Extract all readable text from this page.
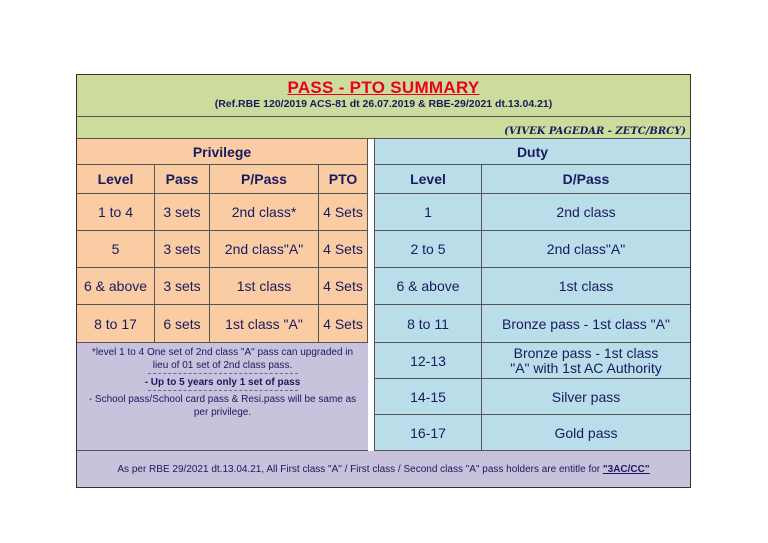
PASS - PTO SUMMARY
(Ref.RBE 120/2019 ACS-81 dt 26.07.2019 & RBE-29/2021 dt.13.04.21)
(VIVEK PAGEDAR - ZETC/BRCY)
Privilege	Duty
Level	Pass	P/Pass	PTO	Level	D/Pass
1 to 4	3 sets	2nd class*	4 Sets
5	3 sets	2nd class"A"	4 Sets
6 & above	3 sets	1st class	4 Sets
8 to 17	6 sets	1st class "A"	4 Sets
*level 1 to 4 One set of 2nd class "A" pass can upgraded in lieu of 01 set of 2nd class pass.
- Up to 5 years only 1 set of pass
- School pass/School card pass & Resi.pass will be same as per privilege.
1	2nd class
2 to 5	2nd class"A"
6 & above	1st class
8 to 11	Bronze pass - 1st class "A"
12-13	Bronze pass - 1st class "A" with 1st AC Authority
14-15	Silver pass
16-17	Gold pass
As per RBE 29/2021 dt.13.04.21, All First class "A" / First class / Second class "A" pass holders are entitle for "3AC/CC"
